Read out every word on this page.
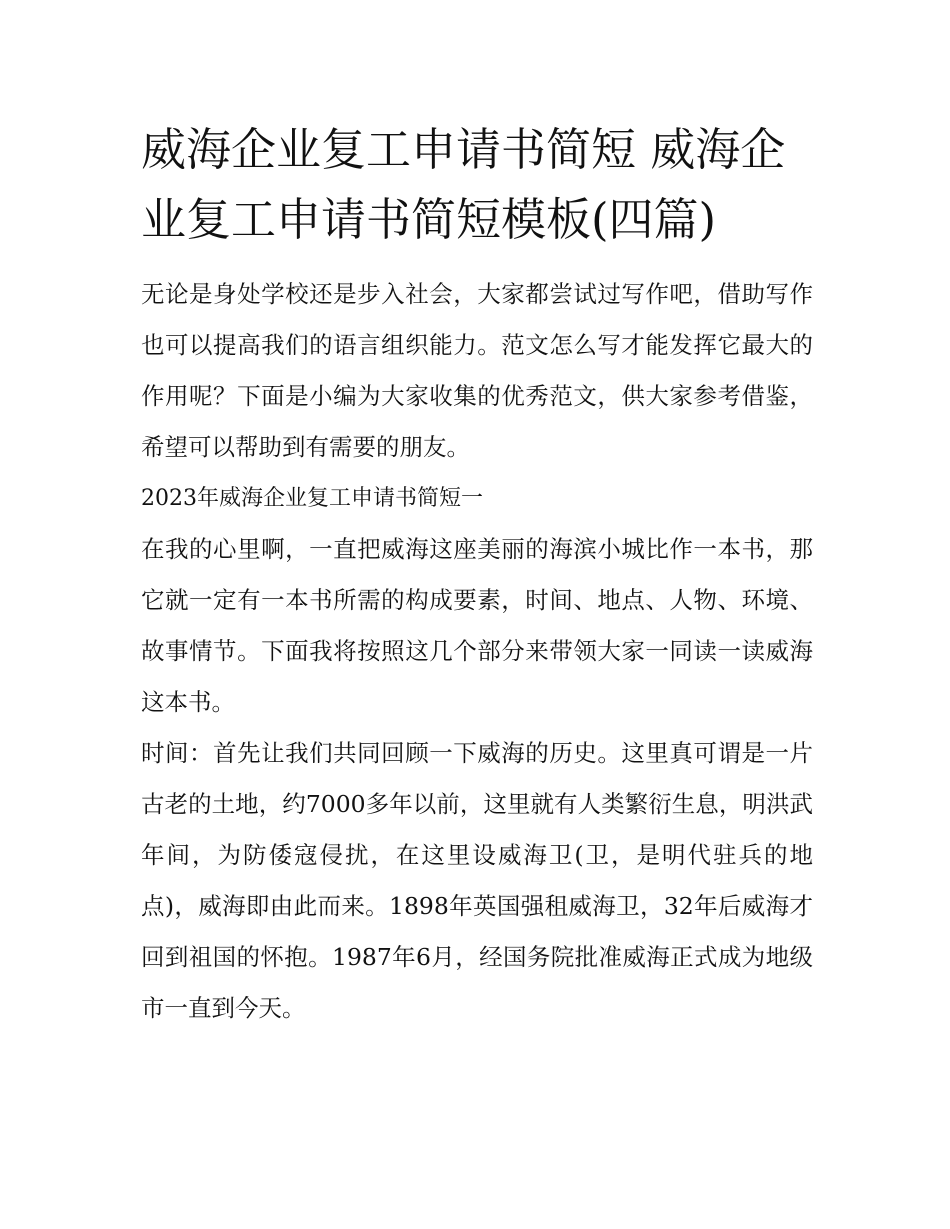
威海企业复工申请书简短 威海企业复工申请书简短模板(四篇)

无论是身处学校还是步入社会，大家都尝试过写作吧，借助写作也可以提高我们的语言组织能力。范文怎么写才能发挥它最大的作用呢？下面是小编为大家收集的优秀范文，供大家参考借鉴，希望可以帮助到有需要的朋友。

2023年威海企业复工申请书简短一

在我的心里啊，一直把威海这座美丽的海滨小城比作一本书，那它就一定有一本书所需的构成要素，时间、地点、人物、环境、故事情节。下面我将按照这几个部分来带领大家一同读一读威海这本书。

时间：首先让我们共同回顾一下威海的历史。这里真可谓是一片古老的土地，约7000多年以前，这里就有人类繁衍生息，明洪武年间，为防倭寇侵扰，在这里设威海卫(卫，是明代驻兵的地点)，威海即由此而来。1898年英国强租威海卫，32年后威海才回到祖国的怀抱。1987年6月，经国务院批准威海正式成为地级市一直到今天。
